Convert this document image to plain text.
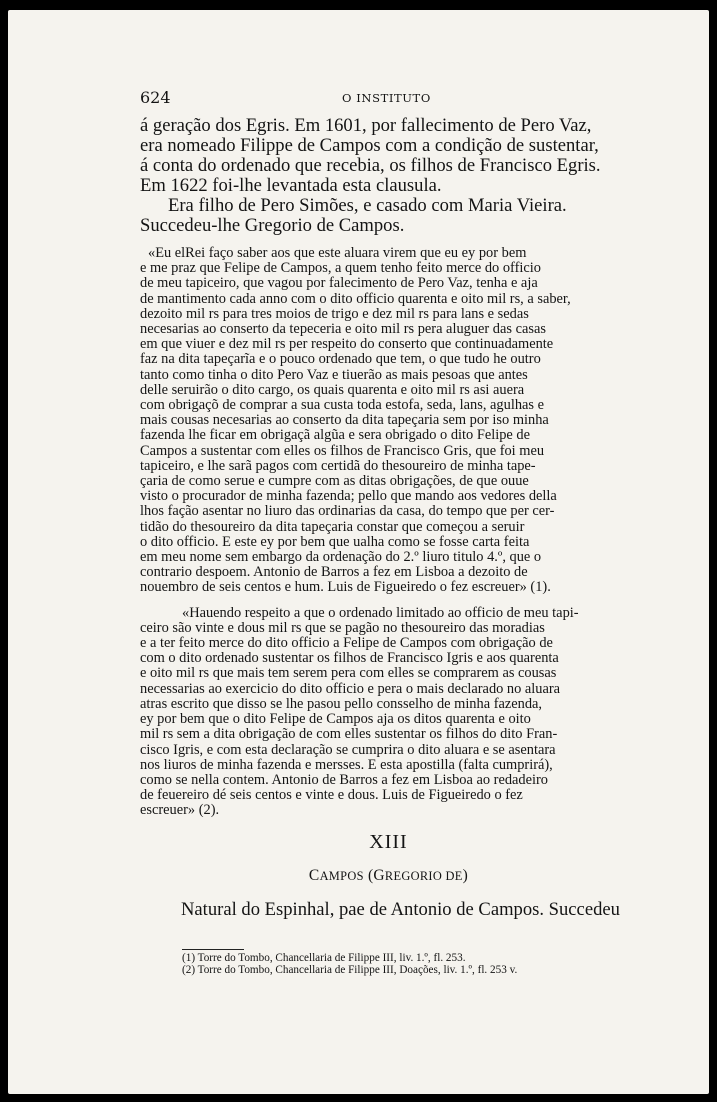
624	O INSTITUTO
á geração dos Egris. Em 1601, por fallecimento de Pero Vaz,
era nomeado Filippe de Campos com a condição de sustentar,
á conta do ordenado que recebia, os filhos de Francisco Egris.
Em 1622 foi-lhe levantada esta clausula.
Era filho de Pero Simões, e casado com Maria Vieira.
Succedeu-lhe Gregorio de Campos.
«Eu elRei faço saber aos que este aluara virem que eu ey por bem
e me praz que Felipe de Campos, a quem tenho feito merce do officio
de meu tapiceiro, que vagou por falecimento de Pero Vaz, tenha e aja
de mantimento cada anno com o dito officio quarenta e oito mil rs, a saber,
dezoito mil rs para tres moios de trigo e dez mil rs para lans e sedas
necesarias ao conserto da tepeceria e oito mil rs pera aluguer das casas
em que viuer e dez mil rs per respeito do conserto que continuadamente
faz na dita tapeçarĩa e o pouco ordenado que tem, o que tudo he outro
tanto como tinha o dito Pero Vaz e tiuerão as mais pesoas que antes
delle seruirão o dito cargo, os quais quarenta e oito mil rs asi auera
com obrigaçõ de comprar a sua custa toda estofa, seda, lans, agulhas e
mais cousas necesarias ao conserto da dita tapeçaria sem por iso minha
fazenda lhe ficar em obrigaçã algũa e sera obrigado o dito Felipe de
Campos a sustentar com elles os filhos de Francisco Gris, que foi meu
tapiceiro, e lhe sarã pagos com certidã do thesoureiro de minha tape-
çaria de como serue e cumpre com as ditas obrigações, de que ouue
visto o procurador de minha fazenda; pello que mando aos vedores della
lhos fação asentar no liuro das ordinarias da casa, do tempo que per cer-
tidão do thesoureiro da dita tapeçaria constar que começou a seruir
o dito officio. E este ey por bem que ualha como se fosse carta feita
em meu nome sem embargo da ordenação do 2.º liuro titulo 4.º, que o
contrario despoem. Antonio de Barros a fez em Lisboa a dezoito de
nouembro de seis centos e hum. Luis de Figueiredo o fez escreuer» (1).
«Hauendo respeito a que o ordenado limitado ao officio de meu tapi-
ceiro são vinte e dous mil rs que se pagão no thesoureiro das moradias
e a ter feito merce do dito officio a Felipe de Campos com obrigação de
com o dito ordenado sustentar os filhos de Francisco Igris e aos quarenta
e oito mil rs que mais tem serem pera com elles se comprarem as cousas
necessarias ao exercicio do dito officio e pera o mais declarado no aluara
atras escrito que disso se lhe pasou pello consselho de minha fazenda,
ey por bem que o dito Felipe de Campos aja os ditos quarenta e oito
mil rs sem a dita obrigação de com elles sustentar os filhos do dito Fran-
cisco Igris, e com esta declaração se cumprira o dito aluara e se asentara
nos liuros de minha fazenda e mersses. E esta apostilla (falta cumprirá),
como se nella contem. Antonio de Barros a fez em Lisboa ao redadeiro
de feuereiro dé seis centos e vinte e dous. Luis de Figueiredo o fez
escreuer» (2).
XIII
CAMPOS (GREGORIO DE)
Natural do Espinhal, pae de Antonio de Campos. Succedeu
(1) Torre do Tombo, Chancellaria de Filippe III, liv. 1.º, fl. 253.
(2) Torre do Tombo, Chancellaria de Filippe III, Doações, liv. 1.º, fl. 253 v.
